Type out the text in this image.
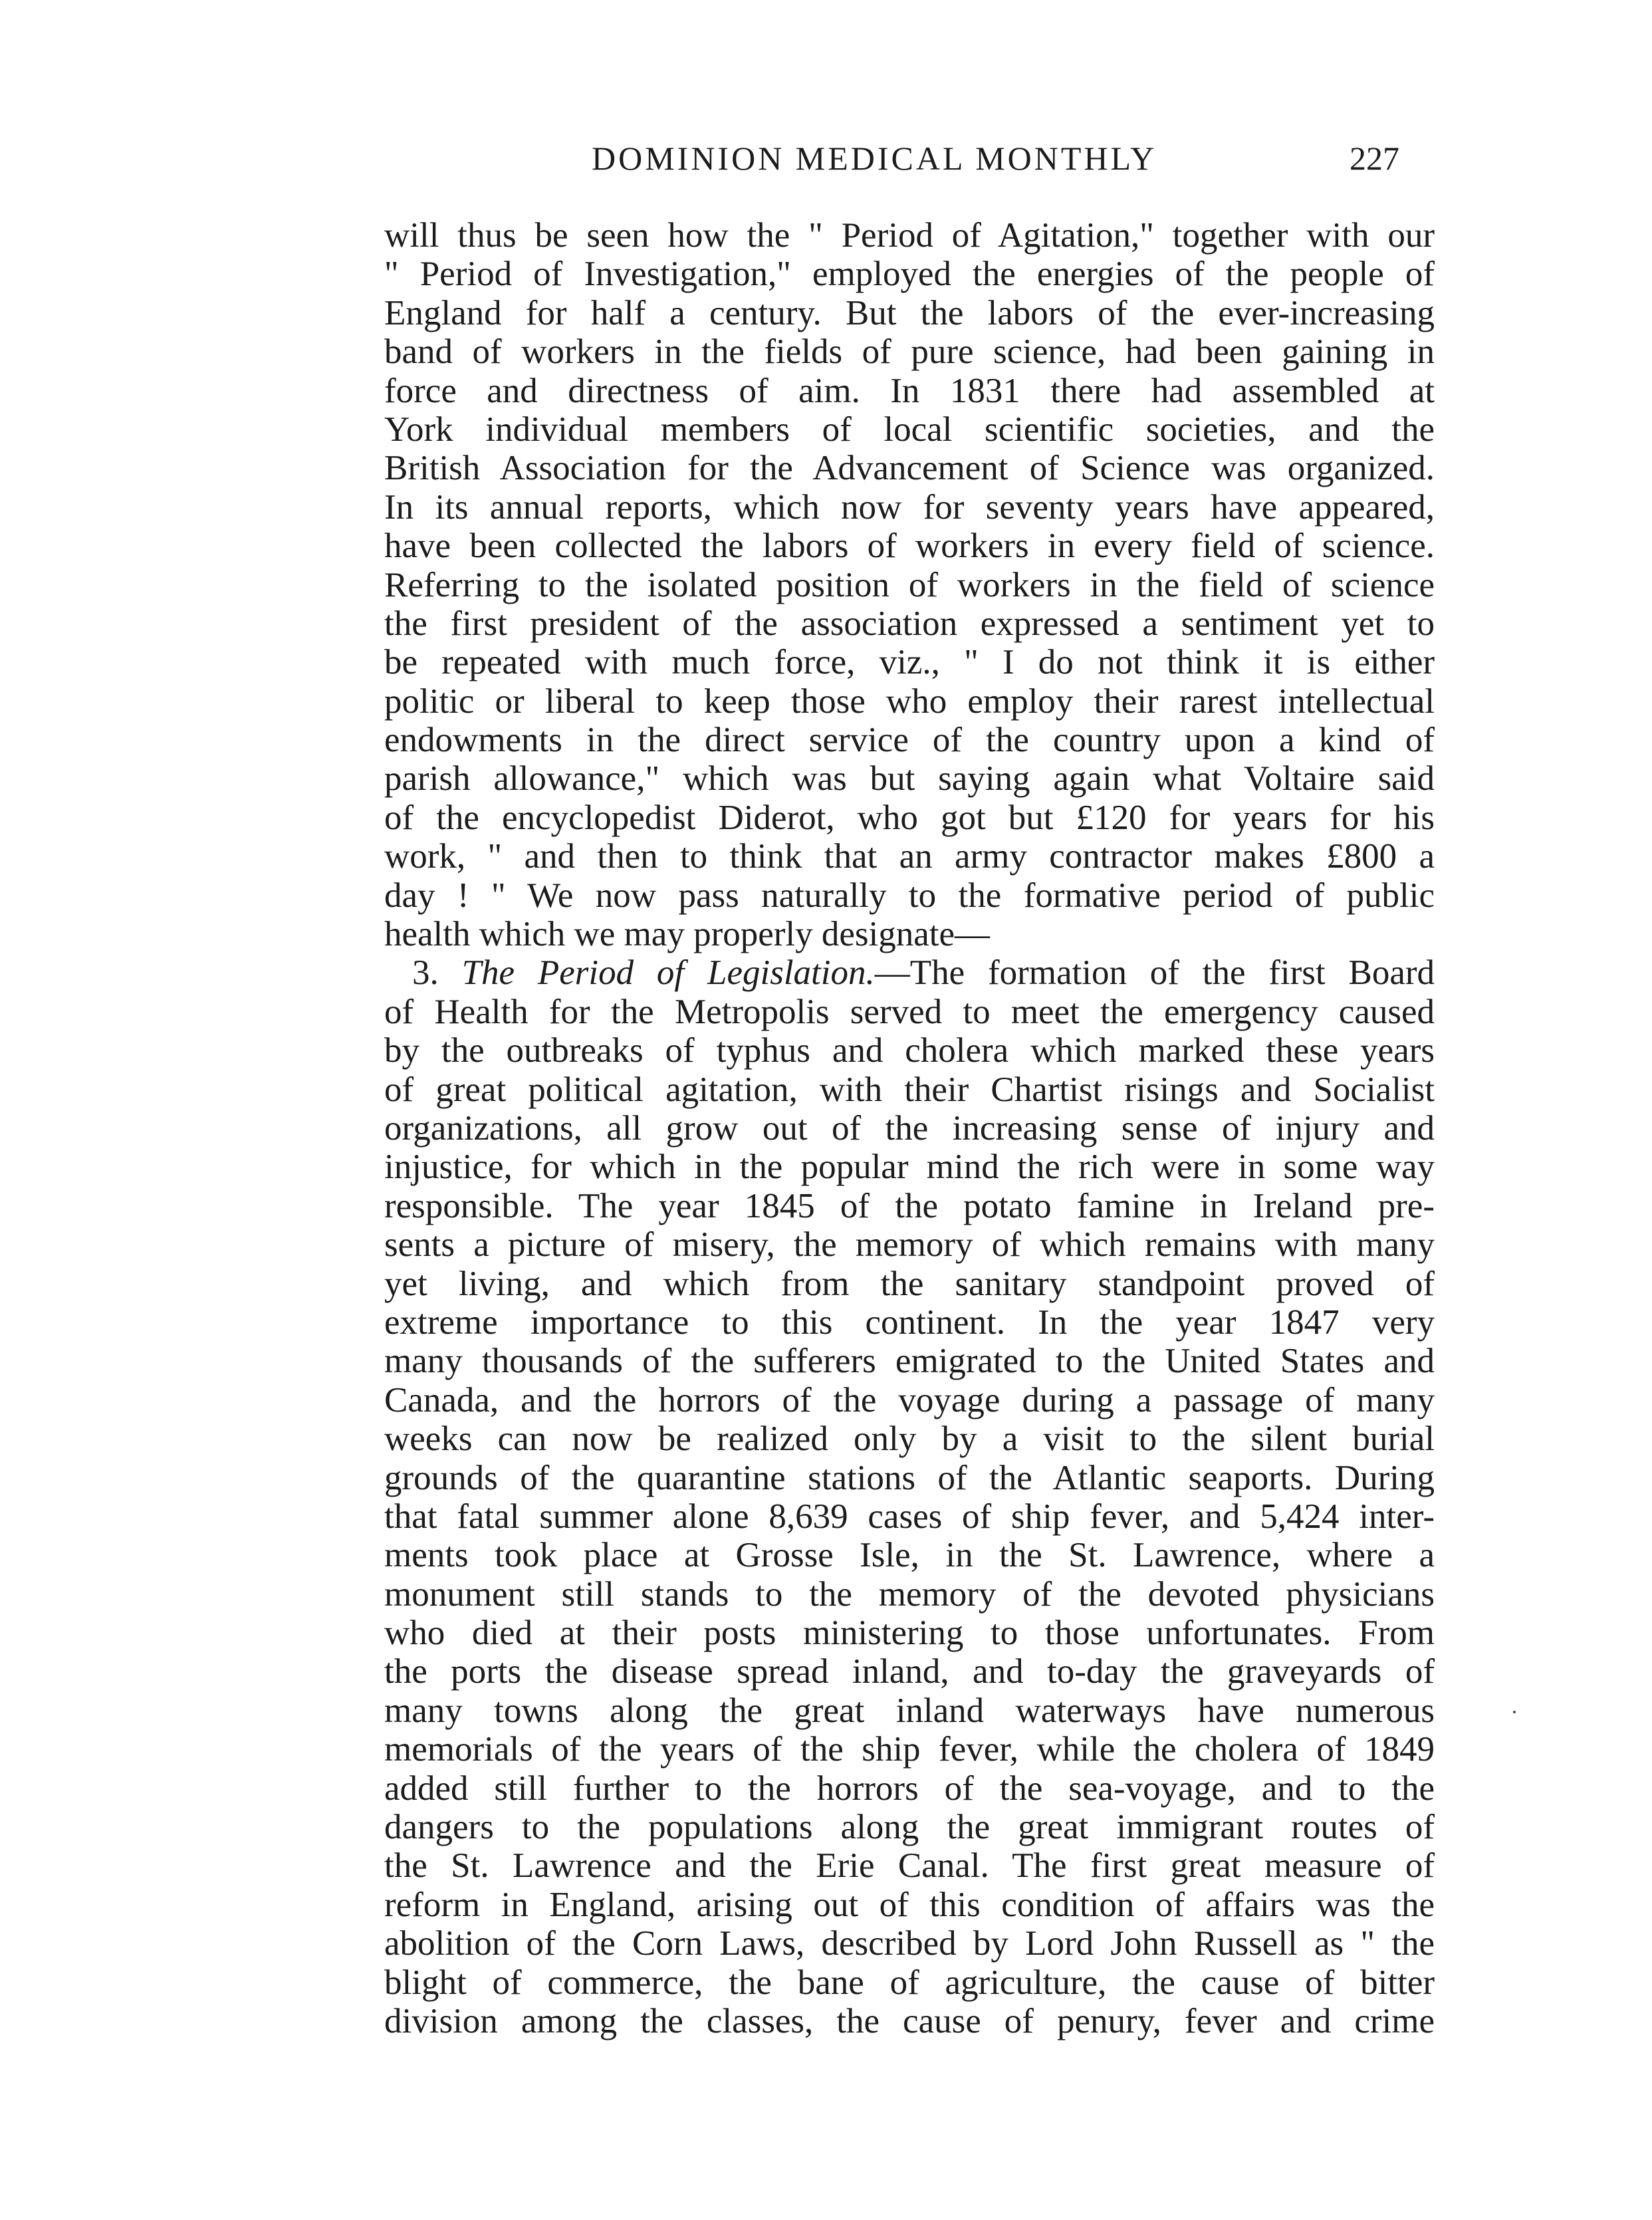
DOMINION MEDICAL MONTHLY	227
will thus be seen how the " Period of Agitation," together with our
" Period of Investigation," employed the energies of the people of
England for half a century. But the labors of the ever-increasing
band of workers in the fields of pure science, had been gaining in
force and directness of aim. In 1831 there had assembled at
York individual members of local scientific societies, and the
British Association for the Advancement of Science was organized.
In its annual reports, which now for seventy years have appeared,
have been collected the labors of workers in every field of science.
Referring to the isolated position of workers in the field of science
the first president of the association expressed a sentiment yet to
be repeated with much force, viz., " I do not think it is either
politic or liberal to keep those who employ their rarest intellectual
endowments in the direct service of the country upon a kind of
parish allowance," which was but saying again what Voltaire said
of the encyclopedist Diderot, who got but £120 for years for his
work, " and then to think that an army contractor makes £800 a
day ! " We now pass naturally to the formative period of public
health which we may properly designate—
3. The Period of Legislation.—The formation of the first Board
of Health for the Metropolis served to meet the emergency caused
by the outbreaks of typhus and cholera which marked these years
of great political agitation, with their Chartist risings and Socialist
organizations, all grow out of the increasing sense of injury and
injustice, for which in the popular mind the rich were in some way
responsible. The year 1845 of the potato famine in Ireland pre-
sents a picture of misery, the memory of which remains with many
yet living, and which from the sanitary standpoint proved of
extreme importance to this continent. In the year 1847 very
many thousands of the sufferers emigrated to the United States and
Canada, and the horrors of the voyage during a passage of many
weeks can now be realized only by a visit to the silent burial
grounds of the quarantine stations of the Atlantic seaports. During
that fatal summer alone 8,639 cases of ship fever, and 5,424 inter-
ments took place at Grosse Isle, in the St. Lawrence, where a
monument still stands to the memory of the devoted physicians
who died at their posts ministering to those unfortunates. From
the ports the disease spread inland, and to-day the graveyards of
many towns along the great inland waterways have numerous
memorials of the years of the ship fever, while the cholera of 1849
added still further to the horrors of the sea-voyage, and to the
dangers to the populations along the great immigrant routes of
the St. Lawrence and the Erie Canal. The first great measure of
reform in England, arising out of this condition of affairs was the
abolition of the Corn Laws, described by Lord John Russell as " the
blight of commerce, the bane of agriculture, the cause of bitter
division among the classes, the cause of penury, fever and crime
